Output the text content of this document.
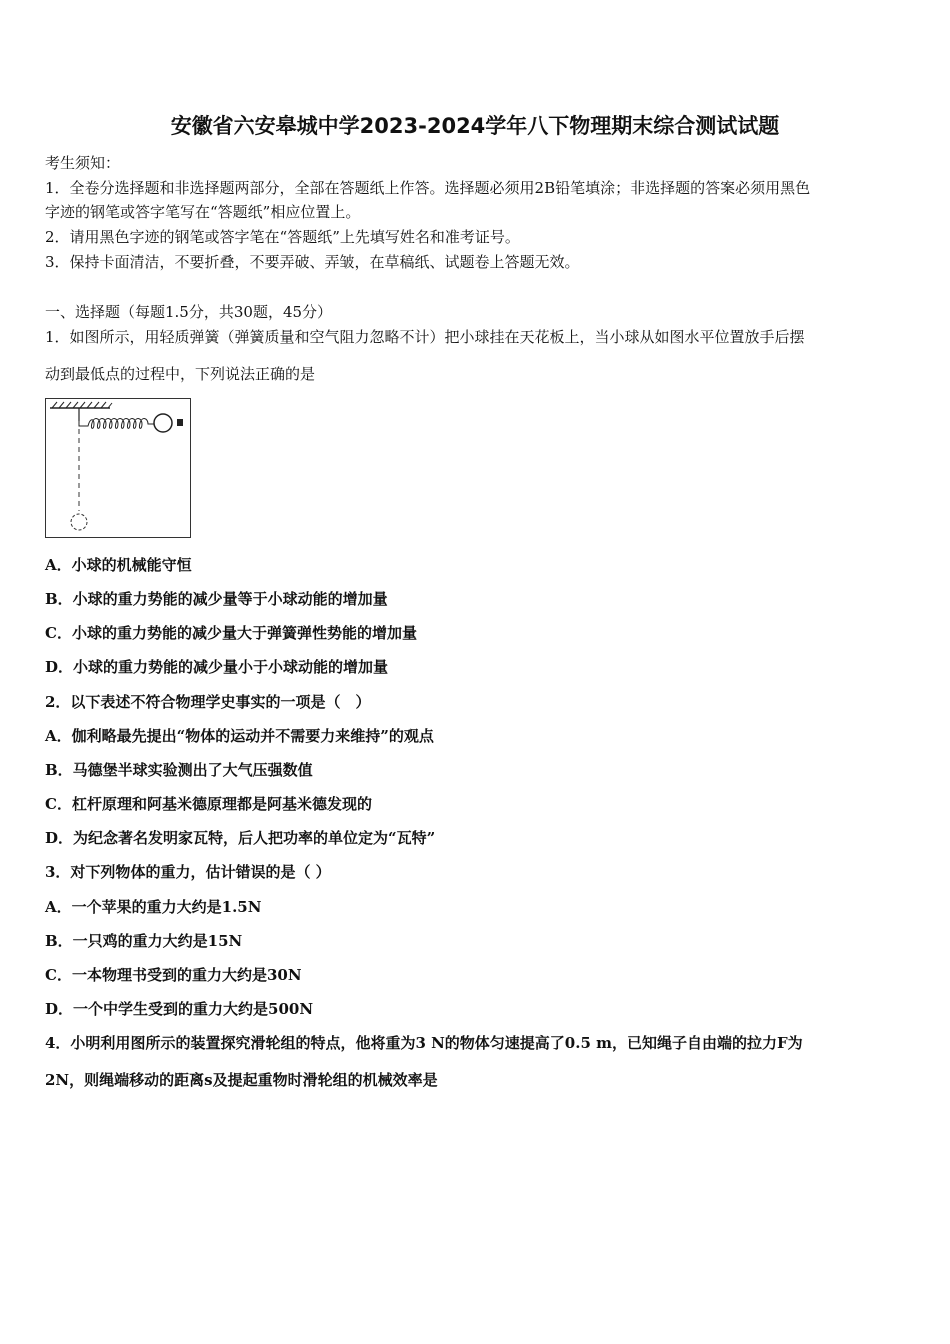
安徽省六安皋城中学2023-2024学年八下物理期末综合测试试题
考生须知：
1．全卷分选择题和非选择题两部分，全部在答题纸上作答。选择题必须用2B铅笔填涂；非选择题的答案必须用黑色
字迹的钢笔或答字笔写在“答题纸”相应位置上。
2．请用黑色字迹的钢笔或答字笔在“答题纸”上先填写姓名和准考证号。
3．保持卡面清洁，不要折叠，不要弄破、弄皱，在草稿纸、试题卷上答题无效。
一、选择题（每题1.5分，共30题，45分）
1．如图所示，用轻质弹簧（弹簧质量和空气阻力忽略不计）把小球挂在天花板上，当小球从如图水平位置放手后摆
动到最低点的过程中，下列说法正确的是
A．小球的机械能守恒
B．小球的重力势能的减少量等于小球动能的增加量
C．小球的重力势能的减少量大于弹簧弹性势能的增加量
D．小球的重力势能的减少量小于小球动能的增加量
2．以下表述不符合物理学史事实的一项是（　）
A．伽利略最先提出“物体的运动并不需要力来维持”的观点
B．马德堡半球实验测出了大气压强数值
C．杠杆原理和阿基米德原理都是阿基米德发现的
D．为纪念著名发明家瓦特，后人把功率的单位定为“瓦特”
3．对下列物体的重力，估计错误的是（ ）
A．一个苹果的重力大约是1.5N
B．一只鸡的重力大约是15N
C．一本物理书受到的重力大约是30N
D．一个中学生受到的重力大约是500N
4．小明利用图所示的装置探究滑轮组的特点，他将重为3 N的物体匀速提高了0.5 m，已知绳子自由端的拉力F为
2N，则绳端移动的距离s及提起重物时滑轮组的机械效率是
